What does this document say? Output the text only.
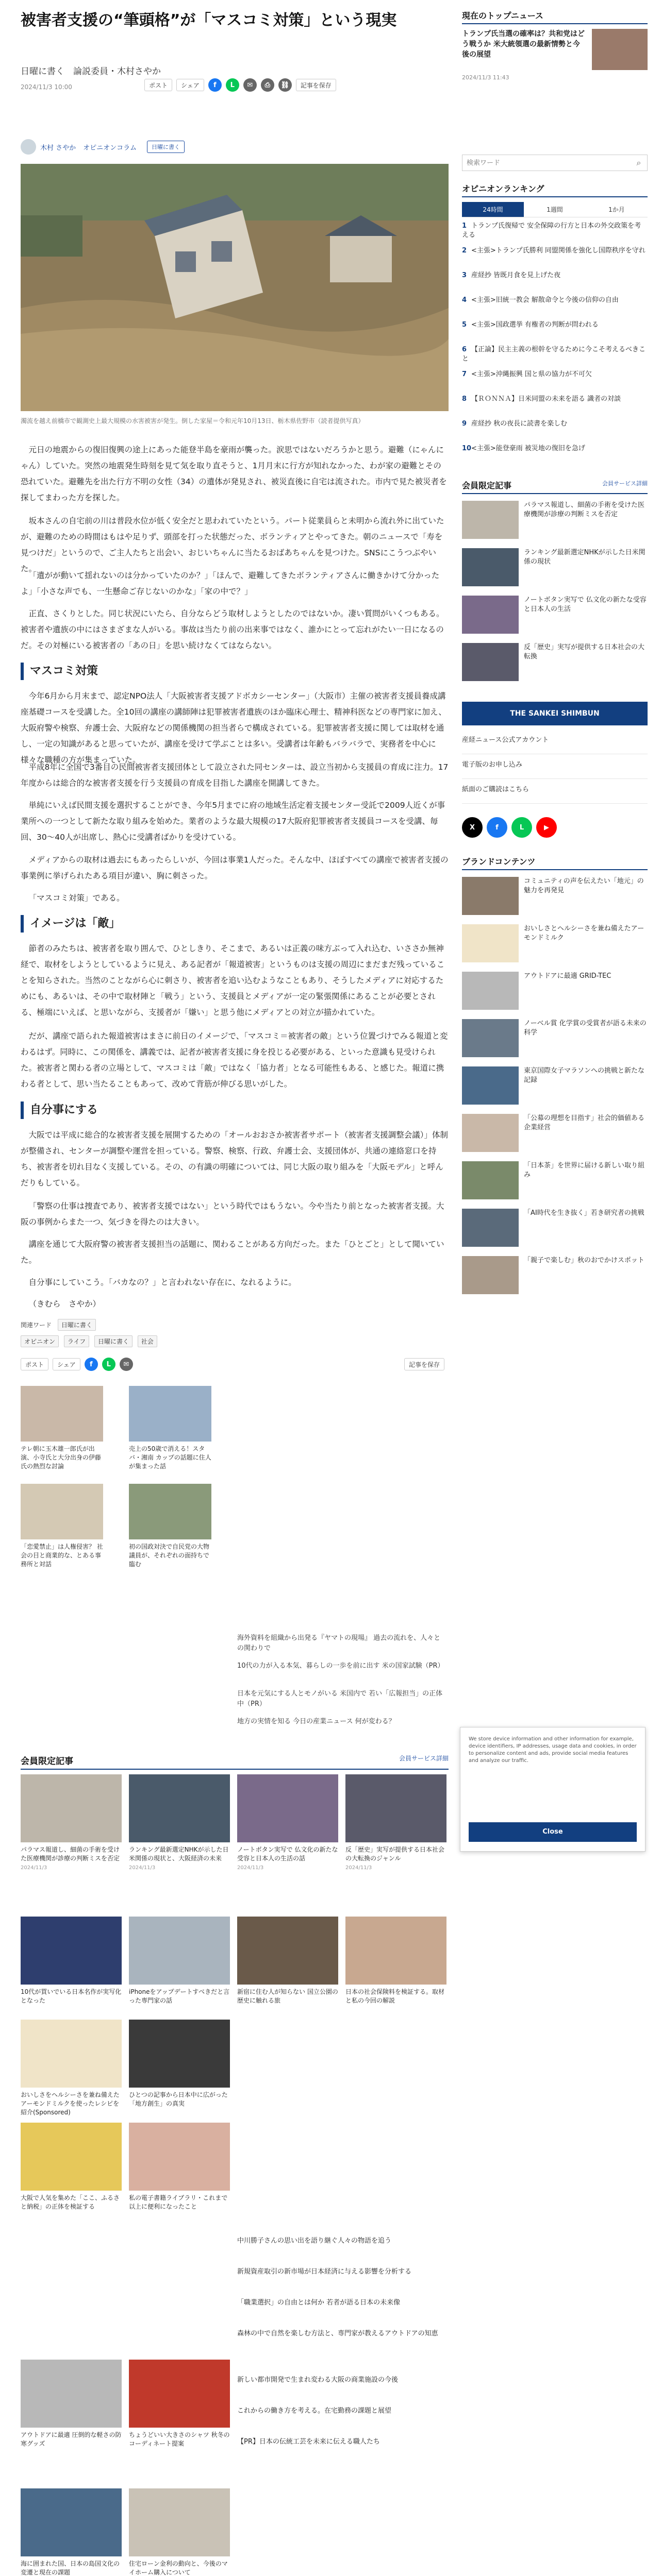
被害者支援の“筆頭格”が「マスコミ対策」という現実
日曜に書く　論説委員・木村さやか
2024/11/3 10:00	ポスト	シェア	f	L	✉	⎙	⛓	記事を保存
木村 さやか オピニオンコラム	日曜に書く
濁流を越え前橋市で観測史上最大規模の水害被害が発生。倒した家屋＝令和元年10月13日、栃木県佐野市（読者提供写真）

元日の地震からの復旧復興の途上にあった能登半島を豪雨が襲った。涙思ではないだろうかと思う。避難（にゃんにゃん）していた。突然の地震発生時刻を見て気を取り直そうと、1月月末に行方が知れなかった、わが家の避難とその恐れていた。避難先を出た行方不明の女性（34）の遺体が発見され、被災直後に自宅は流された。市内で見た被災者を探してまわった方を探した。

坂本さんの自宅前の川は普段水位が低く安全だと思われていたという。パート従業員らと未明から流れ外に出ていたが、避難のための時間はもはや足りず、頭部を打った状態だった、ボランティアとやってきた。朝のニュースで「寿を見つけだ」というので、ご主人たちと出会い、おじいちゃんに当たるおばあちゃんを見つけた。SNSにこうつぶやいた。

「遺がが動いて揺れないのは分かっていたのか？」「ほんで、避難してきたボランティアさんに働きかけて分かったよ」「小さな声でも、一生懸命ご存じないのかな」「家の中で？」

正直、さくりとした。同じ状況にいたら、自分ならどう取材しようとしたのではないか。凄い質問がいくつもある。被害者や遺族の中にはさまざまな人がいる。事故は当たり前の出来事ではなく、誰かにとって忘れがたい一日になるのだ。その対極にいる被害者の「あの日」を思い続けなくてはならない。

マスコミ対策

今年6月から月末まで、認定NPO法人「大阪被害者支援アドボカシーセンター」（大阪市）主催の被害者支援員養成講座基礎コースを受講した。全10回の講座の講師陣は犯罪被害者遺族のほか臨床心理士、精神科医などの専門家に加え、大阪府警や検察、弁護士会、大阪府などの関係機関の担当者らで構成されている。犯罪被害者支援に関しては取材を通し、一定の知識があると思っていたが、講座を受けて学ぶことは多い。受講者は年齢もバラバラで、実務者を中心に様々な職種の方が集まっていた。

平成8年に全国で3番目の民間被害者支援団体として設立された同センターは、設立当初から支援員の育成に注力。17年度からは総合的な被害者支援を行う支援員の育成を目指した講座を開講してきた。

単純にいえば民間支援を選択することができ、今年5月までに府の地域生活定着支援センター受託で2009人近くが事業所への一つとして新たな取り組みを始めた。業者のような最大規模の17大阪府犯罪被害者支援員コースを受講、毎回、30～40人が出席し、熱心に受講者ばかりを受けている。

メディアからの取材は過去にもあったらしいが、今回は事業1人だった。そんな中、ほぼすべての講座で被害者支援の事業例に挙げられたある項目が違い、胸に刺さった。

「マスコミ対策」である。

イメージは「敵」

節者のみたちは、被害者を取り囲んで、ひとしきり、そこまで、あるいは正義の味方ぶって入れ込む、いささか無神経で、取材をしようとしているように見え、ある記者が「報道被害」というものは支援の周辺にまだまだ残っていることを知らされた。当然のことながら心に刺さり、被害者を追い込むようなこともあり、そうしたメディアに対応するためにも、あるいは、その中で取材陣と「戦う」という、支援員とメディアが一定の緊張関係にあることが必要とされる、極端にいえば、と思いながら、支援者が「嫌い」と思う他にメディアとの対立が描かれていた。

だが、講座で語られた報道被害はまさに前日のイメージで、「マスコミ＝被害者の敵」という位置づけでみる報道と変わるはず。同時に、この関係を、講義では、記者が被害者支援に身を投じる必要がある、といった意識も見受けられた。被害者と関わる者の立場として、マスコミは「敵」ではなく「協力者」となる可能性もある、と感じた。報道に携わる者として、思い当たることもあって、改めて背筋が伸びる思いがした。

自分事にする

大阪では平成に総合的な被害者支援を展開するための「オールおおさか被害者サポート（被害者支援調整会議）」体制が整備され、センターが調整や運営を担っている。警察、検察、行政、弁護士会、支援団体が、共通の連絡窓口を持ち、被害者を切れ目なく支援している。その、の有識の明確については、同じ大阪の取り組みを「大阪モデル」と呼んだりもしている。

「警察の仕事は捜査であり、被害者支援ではない」という時代ではもうない。今や当たり前となった被害者支援。大阪の事例からまた一つ、気づきを得たのは大きい。

講座を通じて大阪府警の被害者支援担当の話題に、関わることがある方向だった。また「ひとごと」として聞いていた。

自分事にしていこう。「バカなの？」と言われない存在に、なれるように。

（きむら　さやか）

関連ワード 日曜に書く
オピニオン ライフ 日曜に書く 社会
ポスト	シェア	f	L	✉	記事を保存
テレ朝に玉木雄一郎氏が出演、小寺氏と大分出身の伊藤氏の熱烈な討論
売上の50歳で消える！スタバ・湘南 カップの話題に住人が集まった話
「恋愛禁止」は人権侵害？ 社会の目と商業的な、とある事務所と対話
初の国政対決で自民党の大物議員が、それぞれの面持ちで臨む
海外資料を組織から出発る『ヤマトの現場』 過去の流れを、人々との関わりで
10代の力が入る本気、暮らしの一歩を前に出す 米の国家試験（PR）
日本を元気にする人とモノがいる 米国内で 若い「広報担当」の正体 中（PR）
地方の実情を知る 今日の産業ニュース 何が変わる？
会員限定記事	会員サービス詳細
パラマス報道し、細菌の手術を受けた医療機関が診療の判断ミスを否定
2024/11/3
ランキング最新選定NHKが示した日米関係の現状と、大阪経済の未来
2024/11/3
ノートボタン実写で 仏文化の新たな受容と日本人の生活の話
2024/11/3
反「歴史」実写が提供する日本社会の大転換のジャンル
2024/11/3
10代が買いでいる日本名作が実写化となった
iPhoneをアップデートすべきだと言った専門家の話
新宿に住む人が知らない 国立公園の歴史に触れる旅
日本の社会保険料を検証する。取材と私の今回の解説
おいしさをヘルシーさを兼ね備えたアーモンドミルクを使ったレシピを紹介(Sponsored)
ひとつの記事から日本中に広がった「地方創生」の真実
大阪で人気を集めた「ここ、ふるさと納税」の正体を検証する
私の電子書籍ライブラリ・これまで以上に便利になったこと
中川勝子さんの思い出を語り継ぐ人々の物語を追う
新規資産取引の新市場が日本経済に与える影響を分析する
「職業選択」の自由とは何か 若者が語る日本の未来像
森林の中で自然を楽しむ方法と、専門家が教えるアウトドアの知恵
アウトドアに最適 圧倒的な軽さの防寒グッズ
ちょうどいい大きさのシャツ 秋冬のコーディネート提案
新しい都市開発で生まれ変わる大阪の商業施設の今後
これからの働き方を考える。在宅勤務の課題と展望
【PR】日本の伝統工芸を未来に伝える職人たち
海に囲まれた国、日本の島国文化の変遷と現在の課題
住宅ローン金利の動向と、今後のマイホーム購入について
現在のトップニュース
トランプ氏当選の確率は？共和党はどう戦うか 米大統領選の最新情勢と今後の展望
2024/11/3 11:43
検索ワード
⌕
オピニオンランキング
24時間	1週間	1か月
1 トランプ氏復帰で 安全保障の行方と日本の外交政策を考える
2 <主張>トランプ氏勝利 同盟関係を強化し国際秩序を守れ
3 産経抄 皆既月食を見上げた夜
4 <主張>旧統一教会 解散命令と今後の信仰の自由
5 <主張>国政選挙 有権者の判断が問われる
6 【正論】民主主義の根幹を守るために今こそ考えるべきこと
7 <主張>沖縄振興 国と県の協力が不可欠
8 【ＲＯＮＮＡ】日米同盟の未来を語る 識者の対談
9 産経抄 秋の夜長に読書を楽しむ
10<主張>能登豪雨 被災地の復旧を急げ
会員限定記事	会員サービス詳細
パラマス報道し、細菌の手術を受けた医療機関が診療の判断ミスを否定
ランキング最新選定NHKが示した日米関係の現状
ノートボタン実写で 仏文化の新たな受容と日本人の生活
反「歴史」実写が提供する日本社会の大転換
THE SANKEI SHIMBUN
産経ニュース公式アカウント
電子版のお申し込み
紙面のご購読はこちら
X	f	L	▶
ブランドコンテンツ
コミュニティの声を伝えたい「地元」の魅力を再発見
おいしさとヘルシーさを兼ね備えたアーモンドミルク
アウトドアに最適 GRID-TEC
ノーベル賞 化学賞の受賞者が語る未来の科学
東京国際女子マラソンへの挑戦と新たな記録
「公募の理想を目指す」社会的価値ある企業経営
「日本茶」を世界に届ける新しい取り組み
「AI時代を生き抜く」若き研究者の挑戦
「親子で楽しむ」秋のおでかけスポット
We store device information and other information for example, device identifiers, IP addresses, usage data and cookies, in order to personalize content and ads, provide social media features and analyze our traffic.
Close
